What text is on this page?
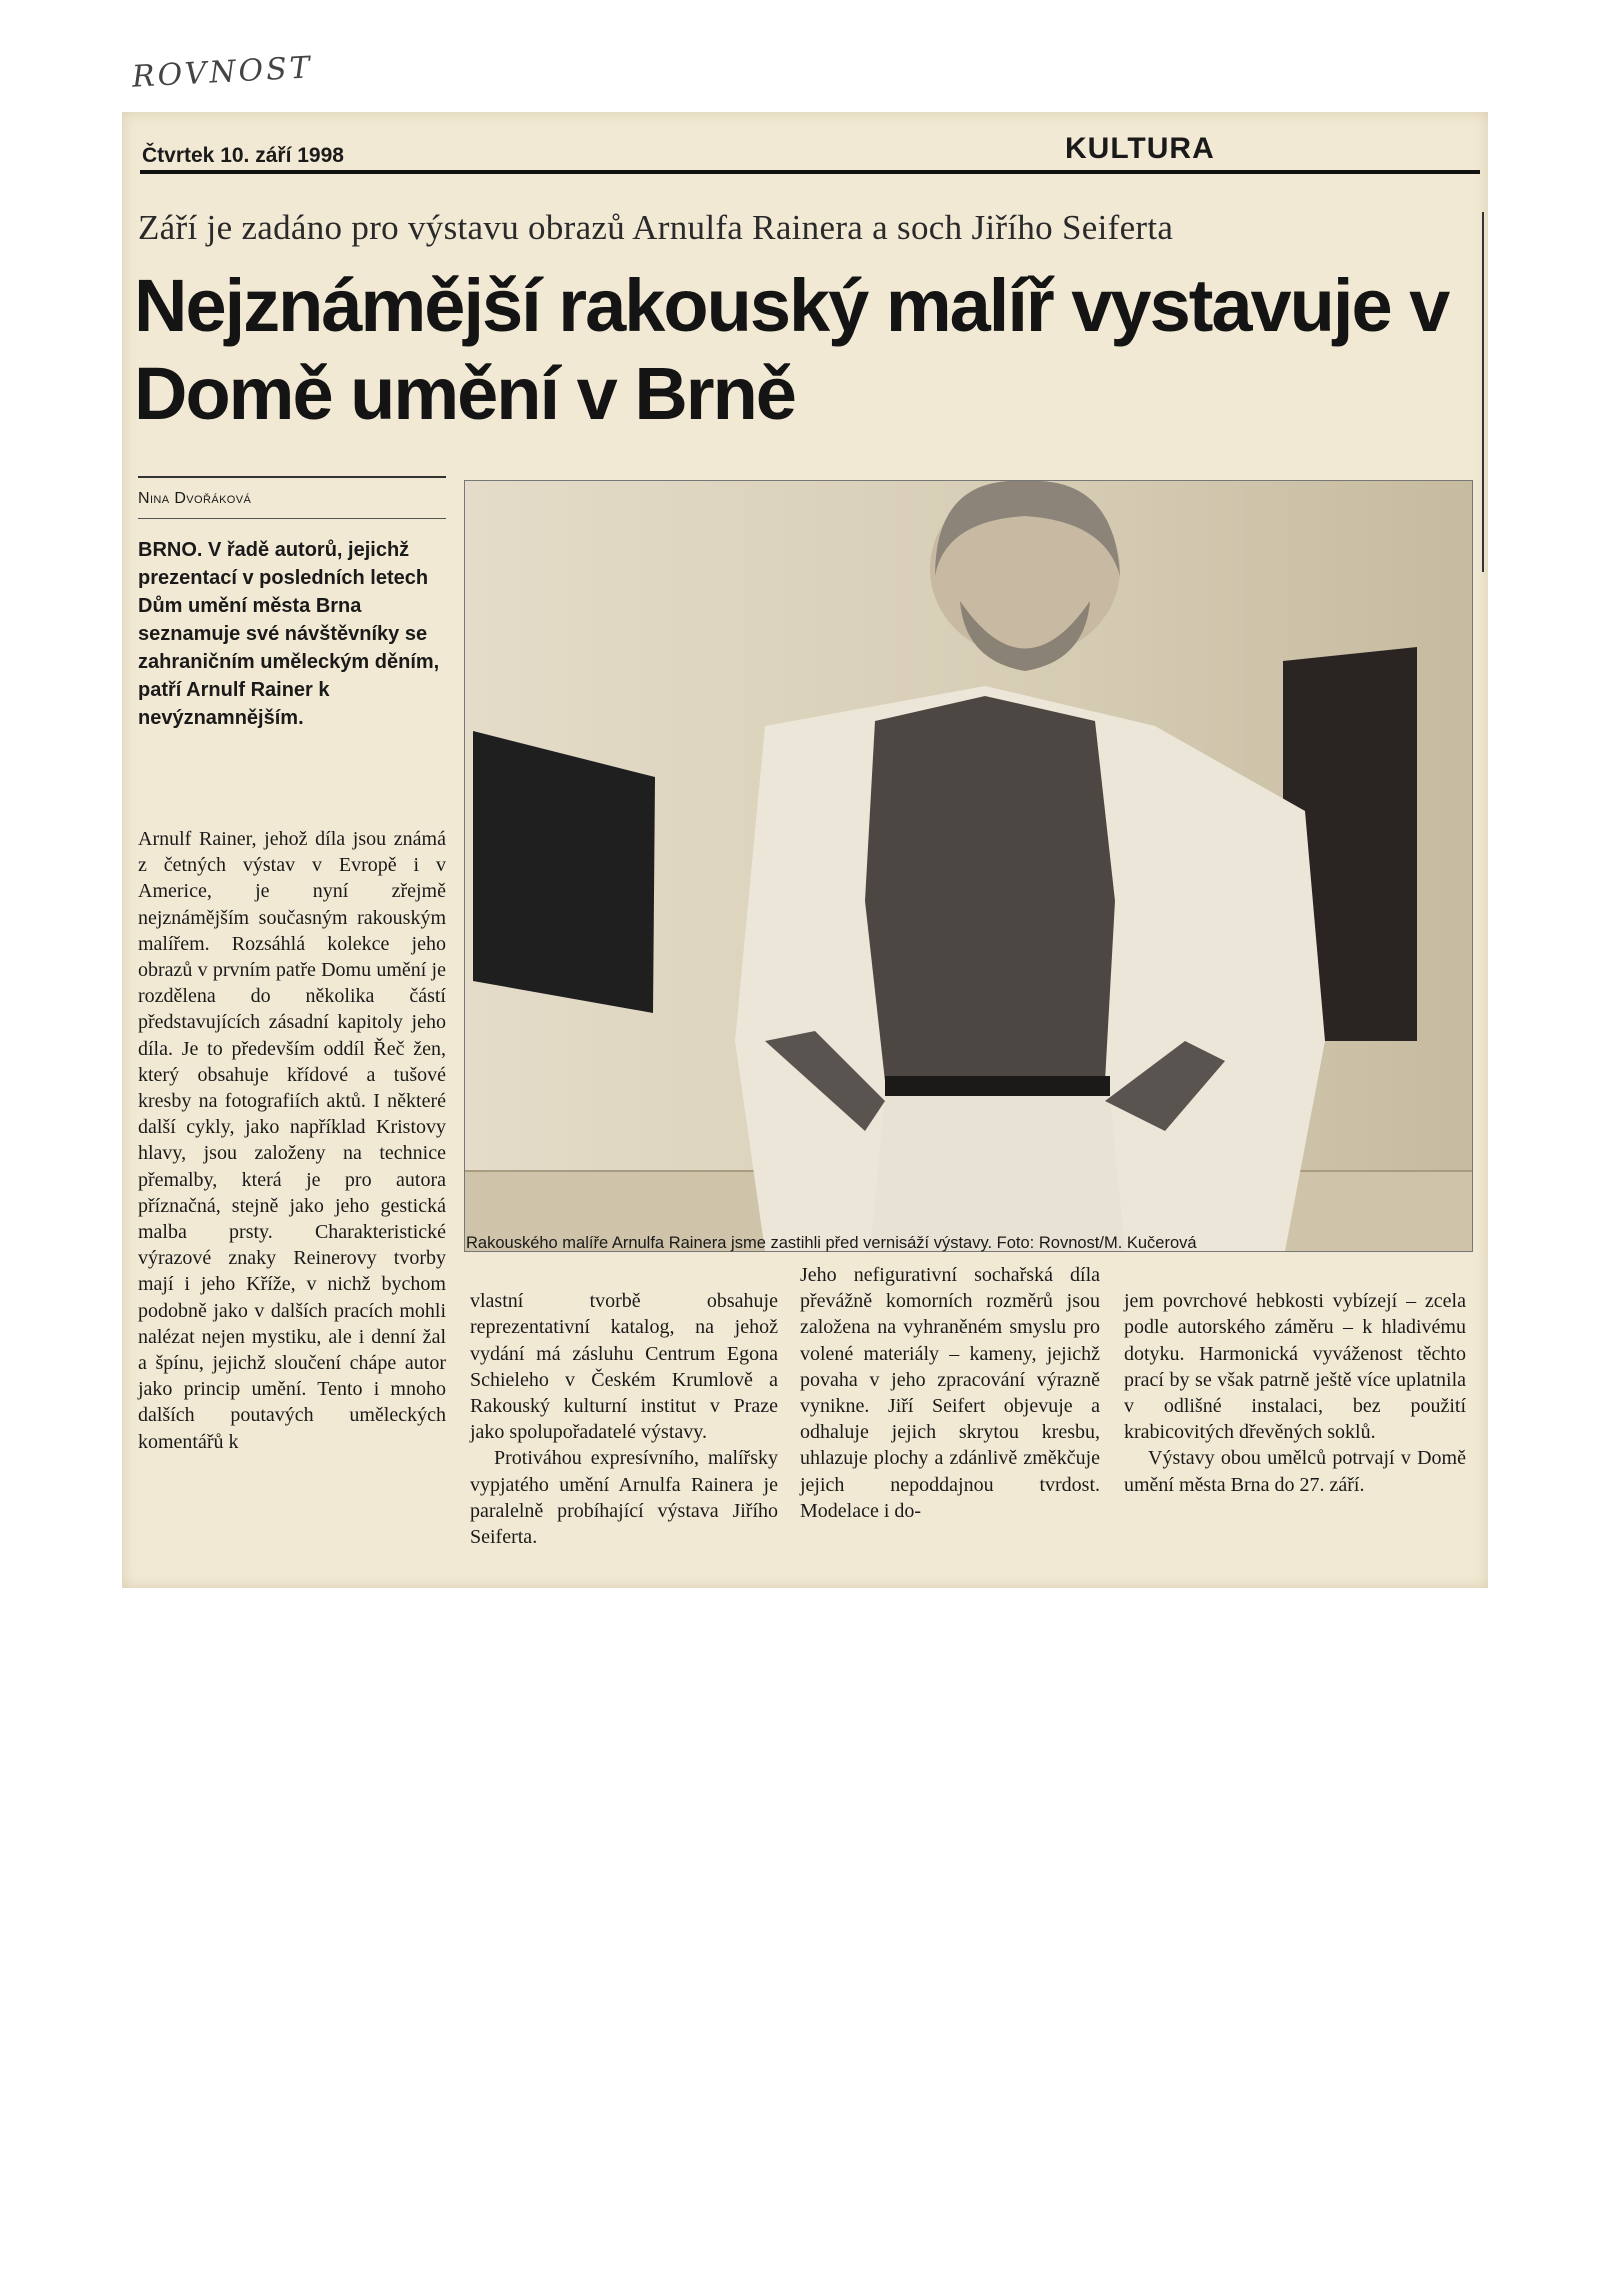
ROVNOST
Čtvrtek 10. září 1998	KULTURA
Září je zadáno pro výstavu obrazů Arnulfa Rainera a soch Jiřího Seiferta
Nejznámější rakouský malíř vystavuje v Domě umění v Brně
Nina Dvořáková

BRNO. V řadě autorů, jejichž prezentací v posledních letech Dům umění města Brna seznamuje své návštěvníky se zahraničním uměleckým děním, patří Arnulf Rainer k nevýznamnějším.

Arnulf Rainer, jehož díla jsou známá z četných výstav v Evropě i v Americe, je nyní zřejmě nejznámějším současným rakouským malířem. Rozsáhlá kolekce jeho obrazů v prvním patře Domu umění je rozdělena do několika částí představujících zásadní kapitoly jeho díla. Je to především oddíl Řeč žen, který obsahuje křídové a tušové kresby na fotografiích aktů. I některé další cykly, jako například Kristovy hlavy, jsou založeny na technice přemalby, která je pro autora příznačná, stejně jako jeho gestická malba prsty. Charakteristické výrazové znaky Reinerovy tvorby mají i jeho Kříže, v nichž bychom podobně jako v dalších pracích mohli nalézat nejen mystiku, ale i denní žal a špínu, jejichž sloučení chápe autor jako princip umění. Tento i mnoho dalších poutavých uměleckých komentářů k

Rakouského malíře Arnulfa Rainera jsme zastihli před vernisáží výstavy. Foto: Rovnost/M. Kučerová

vlastní tvorbě obsahuje reprezentativní katalog, na jehož vydání má zásluhu Centrum Egona Schieleho v Českém Krumlově a Rakouský kulturní institut v Praze jako spolupořadatelé výstavy.

Protiváhou expresívního, malířsky vypjatého umění Arnulfa Rainera je paralelně probíhající výstava Jiřího Seiferta.

Jeho nefigurativní sochařská díla převážně komorních rozměrů jsou založena na vyhraněném smyslu pro volené materiály – kameny, jejichž povaha v jeho zpracování výrazně vynikne. Jiří Seifert objevuje a odhaluje jejich skrytou kresbu, uhlazuje plochy a zdánlivě změkčuje jejich nepoddajnou tvrdost. Modelace i do-

jem povrchové hebkosti vybízejí – zcela podle autorského záměru – k hladivému dotyku. Harmonická vyváženost těchto prací by se však patrně ještě více uplatnila v odlišné instalaci, bez použití krabicovitých dřevěných soklů.

Výstavy obou umělců potrvají v Domě umění města Brna do 27. září.
